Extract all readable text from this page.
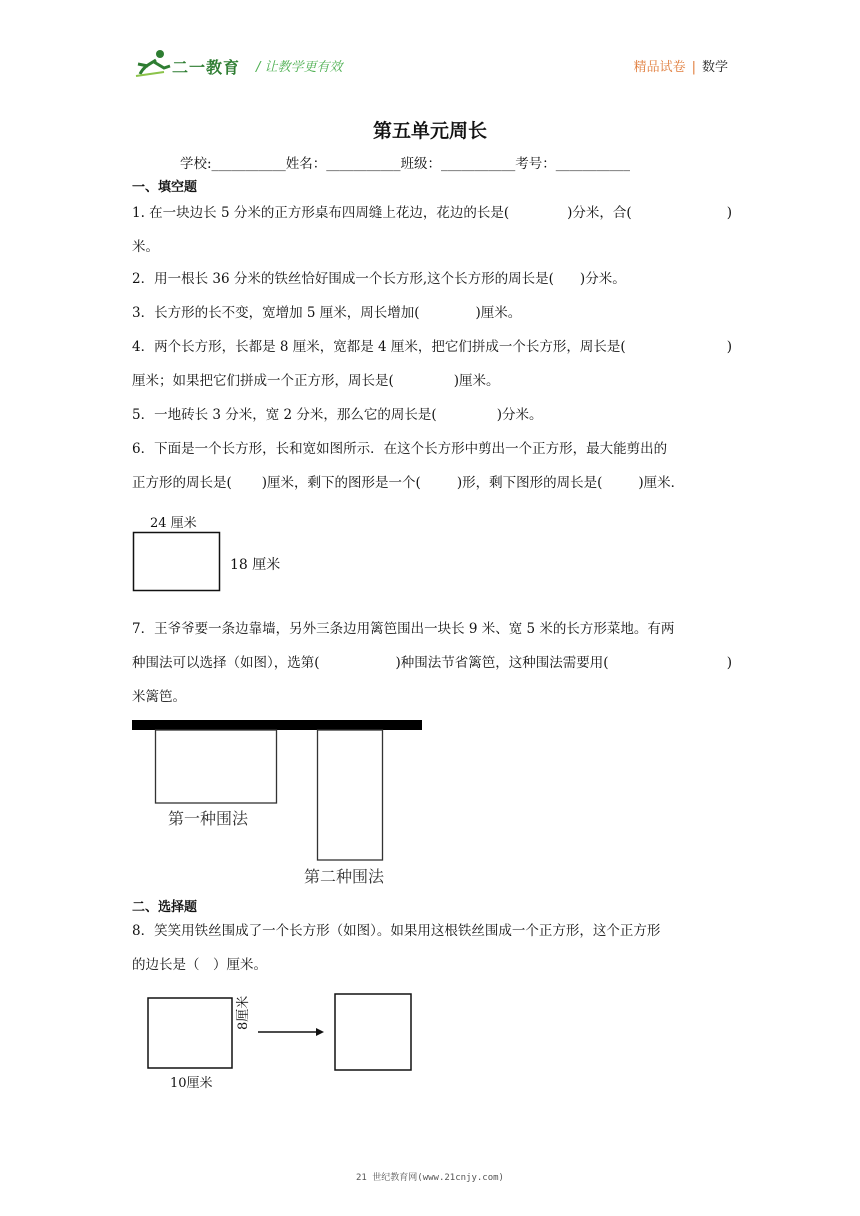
二一教育 / 让教学更有效	精品试卷 | 数学
第五单元周长
学校:___________姓名：___________班级：___________考号：___________
一、填空题
1. 在一块边长 5 分米的正方形桌布四周缝上花边，花边的长是(	)分米，合(	)
米。
2．用一根长 36 分米的铁丝恰好围成一个长方形,这个长方形的周长是( )分米。
3．长方形的长不变，宽增加 5 厘米，周长增加(	)厘米。
4．两个长方形，长都是 8 厘米，宽都是 4 厘米，把它们拼成一个长方形，周长是(	)
厘米；如果把它们拼成一个正方形，周长是(	)厘米。
5．一地砖长 3 分米，宽 2 分米，那么它的周长是(	)分米。
6．下面是一个长方形，长和宽如图所示．在这个长方形中剪出一个正方形，最大能剪出的
正方形的周长是( )厘米，剩下的图形是一个(	)形，剩下图形的周长是(	)厘米．
24 厘米
18 厘米
7．王爷爷要一条边靠墙，另外三条边用篱笆围出一块长 9 米、宽 5 米的长方形菜地。有两
种围法可以选择（如图），选第(	)种围法节省篱笆，这种围法需要用(	)
米篱笆。
第一种围法
第二种围法
二、选择题
8．笑笑用铁丝围成了一个长方形（如图）。如果用这根铁丝围成一个正方形，这个正方形
的边长是（　）厘米。
8厘米
10厘米
21 世纪教育网(www.21cnjy.com)
